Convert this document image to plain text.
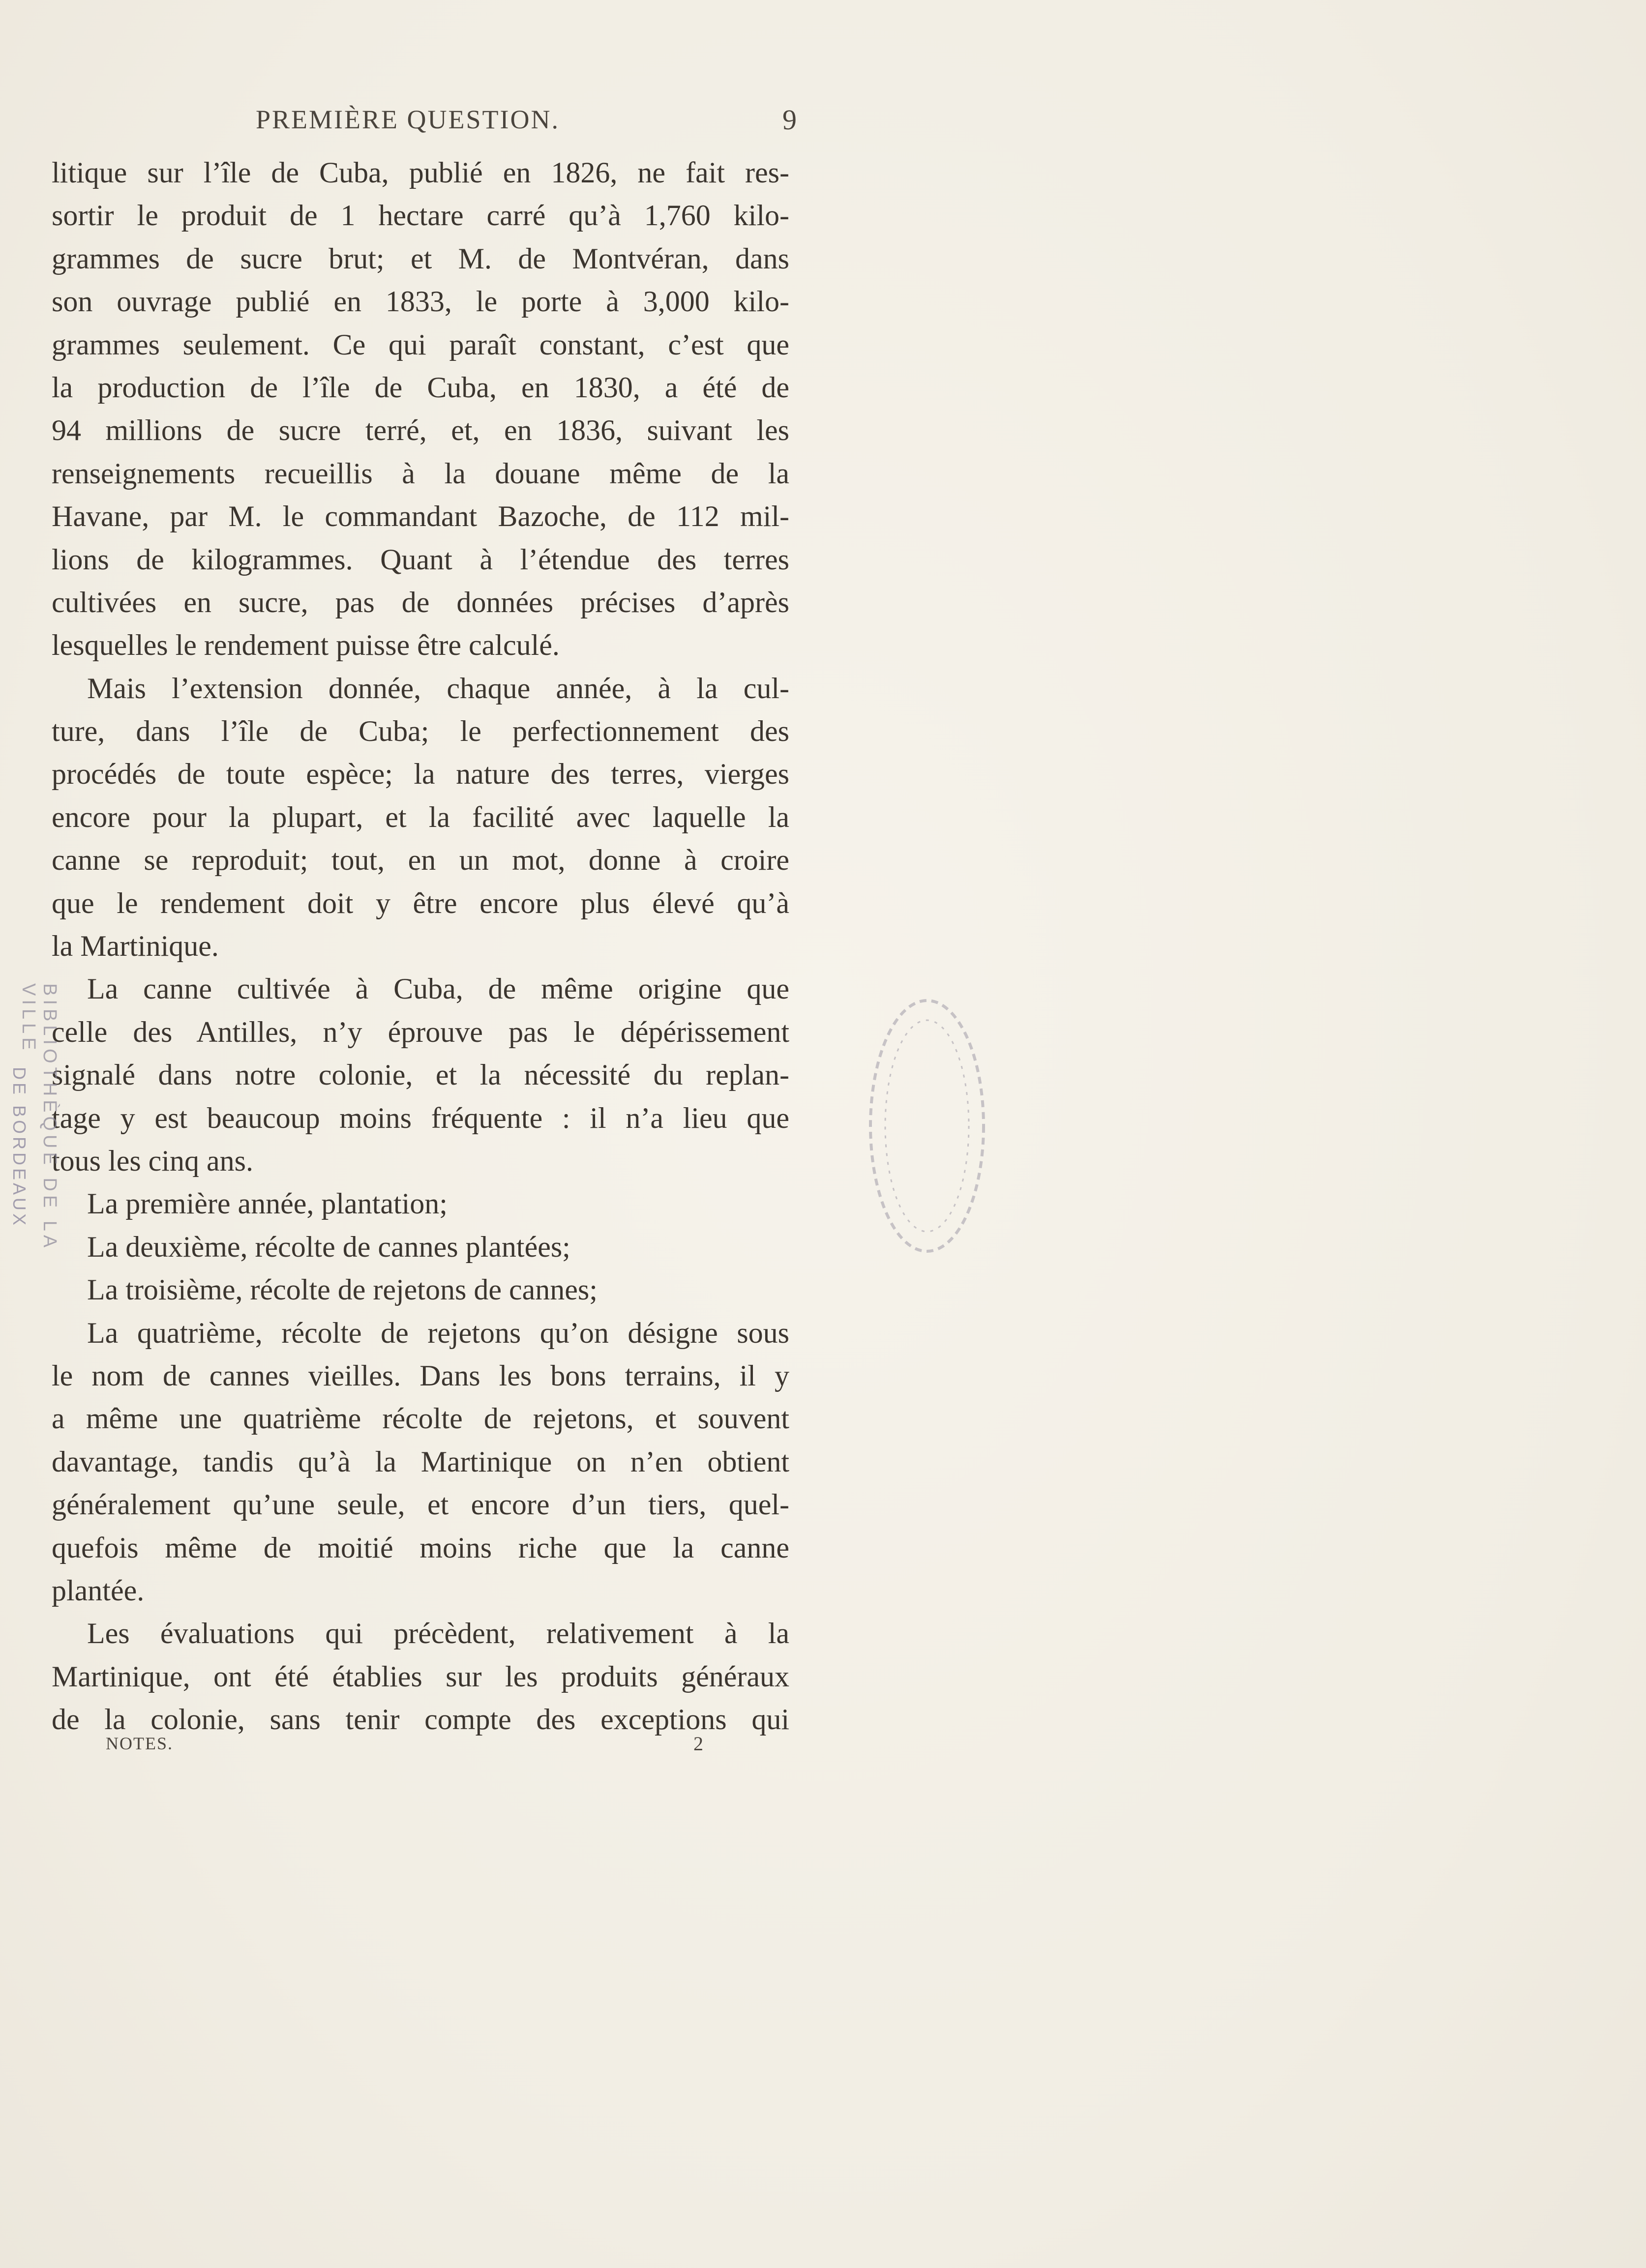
PREMIÈRE QUESTION.	9
litique sur l’île de Cuba, publié en 1826, ne fait res-
sortir le produit de 1 hectare carré qu’à 1,760 kilo-
grammes de sucre brut; et M. de Montvéran, dans
son ouvrage publié en 1833, le porte à 3,000 kilo-
grammes seulement. Ce qui paraît constant, c’est que
la production de l’île de Cuba, en 1830, a été de
94 millions de sucre terré, et, en 1836, suivant les
renseignements recueillis à la douane même de la
Havane, par M. le commandant Bazoche, de 112 mil-
lions de kilogrammes. Quant à l’étendue des terres
cultivées en sucre, pas de données précises d’après
lesquelles le rendement puisse être calculé.
Mais l’extension donnée, chaque année, à la cul-
ture, dans l’île de Cuba; le perfectionnement des
procédés de toute espèce; la nature des terres, vierges
encore pour la plupart, et la facilité avec laquelle la
canne se reproduit; tout, en un mot, donne à croire
que le rendement doit y être encore plus élevé qu’à
la Martinique.
La canne cultivée à Cuba, de même origine que
celle des Antilles, n’y éprouve pas le dépérissement
signalé dans notre colonie, et la nécessité du replan-
tage y est beaucoup moins fréquente : il n’a lieu que
tous les cinq ans.
La première année, plantation;
La deuxième, récolte de cannes plantées;
La troisième, récolte de rejetons de cannes;
La quatrième, récolte de rejetons qu’on désigne sous
le nom de cannes vieilles. Dans les bons terrains, il y
a même une quatrième récolte de rejetons, et souvent
davantage, tandis qu’à la Martinique on n’en obtient
généralement qu’une seule, et encore d’un tiers, quel-
quefois même de moitié moins riche que la canne
plantée.
Les évaluations qui précèdent, relativement à la
Martinique, ont été établies sur les produits généraux
de la colonie, sans tenir compte des exceptions qui
NOTES.	2
DE BORDEAUX BIBLIOTHÈQUE DE LA VILLE
